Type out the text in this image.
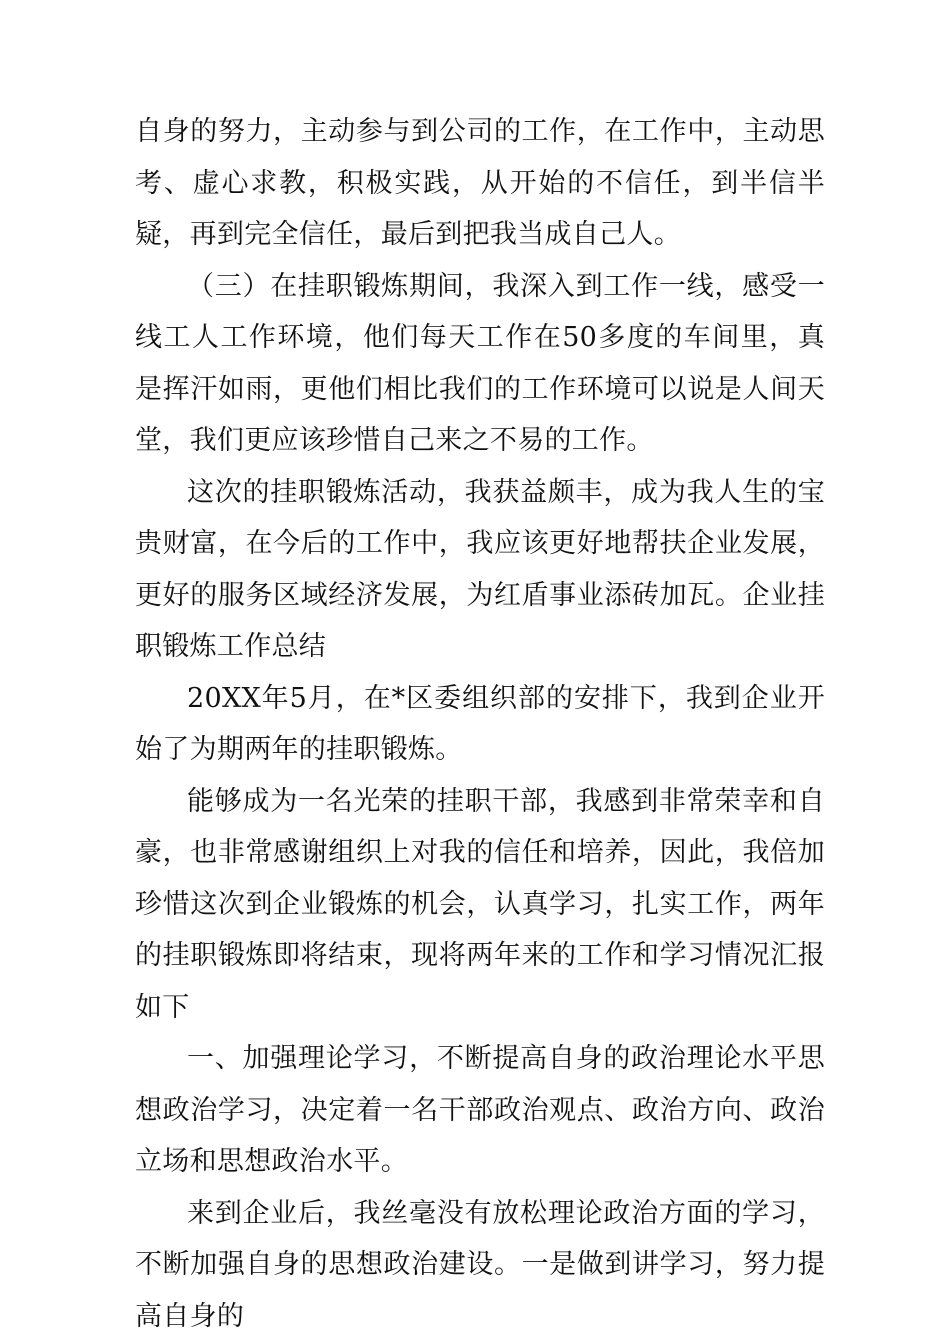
自身的努力，主动参与到公司的工作，在工作中，主动思考、虚心求教，积极实践，从开始的不信任，到半信半疑，再到完全信任，最后到把我当成自己人。

（三）在挂职锻炼期间，我深入到工作一线，感受一线工人工作环境，他们每天工作在50多度的车间里，真是挥汗如雨，更他们相比我们的工作环境可以说是人间天堂，我们更应该珍惜自己来之不易的工作。

这次的挂职锻炼活动，我获益颇丰，成为我人生的宝贵财富，在今后的工作中，我应该更好地帮扶企业发展，更好的服务区域经济发展，为红盾事业添砖加瓦。企业挂职锻炼工作总结

20XX年5月，在*区委组织部的安排下，我到企业开始了为期两年的挂职锻炼。

能够成为一名光荣的挂职干部，我感到非常荣幸和自豪，也非常感谢组织上对我的信任和培养，因此，我倍加珍惜这次到企业锻炼的机会，认真学习，扎实工作，两年的挂职锻炼即将结束，现将两年来的工作和学习情况汇报如下

一、加强理论学习，不断提高自身的政治理论水平思想政治学习，决定着一名干部政治观点、政治方向、政治立场和思想政治水平。

来到企业后，我丝毫没有放松理论政治方面的学习，不断加强自身的思想政治建设。一是做到讲学习，努力提高自身的
